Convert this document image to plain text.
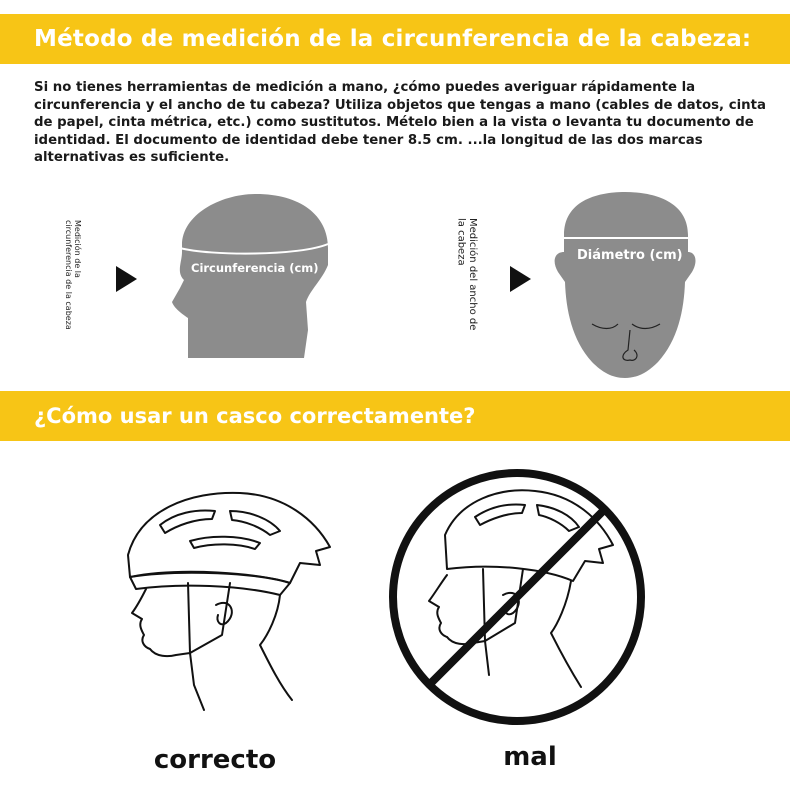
Método de medición de la circunferencia de la cabeza:

Si no tienes herramientas de medición a mano, ¿cómo puedes averiguar rápidamente la circunferencia y el ancho de tu cabeza? Utiliza objetos que tengas a mano (cables de datos, cinta de papel, cinta métrica, etc.) como sustitutos. Mételo bien a la vista o levanta tu documento de identidad. El documento de identidad debe tener 8.5 cm. ...la longitud de las dos marcas alternativas es suficiente.

Medición de la circunferencia de la cabeza	Circunferencia (cm)	Medición del ancho de la cabeza	Diámetro (cm)
¿Cómo usar un casco correctamente?
correcto	mal
